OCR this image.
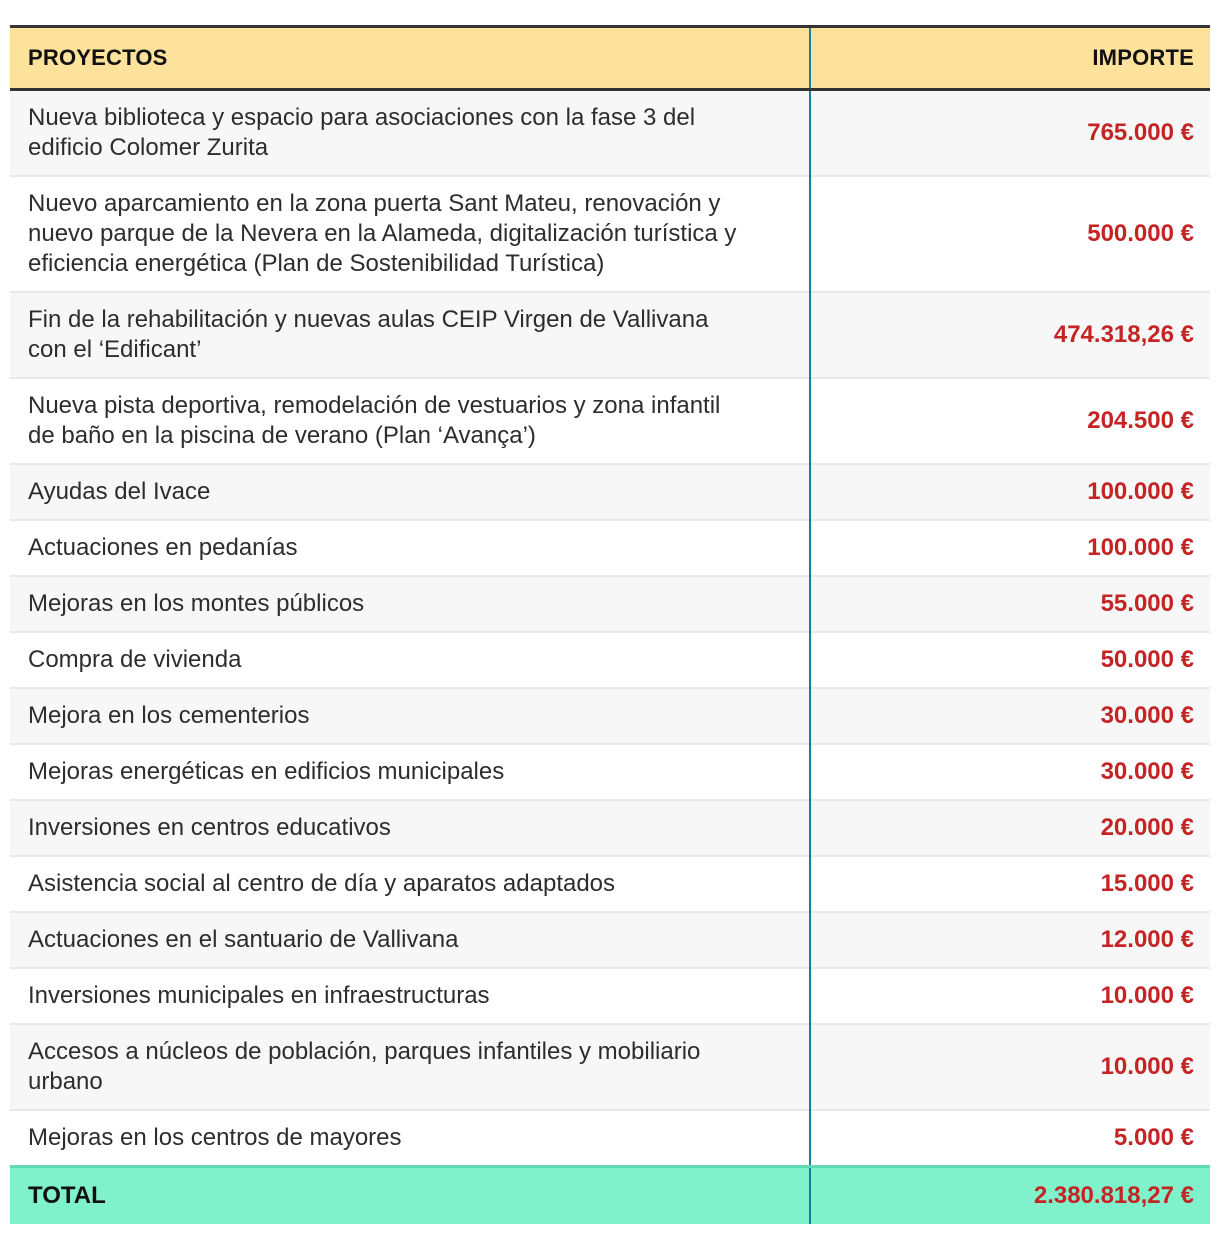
PROYECTOS	IMPORTE

Nueva biblioteca y espacio para asociaciones con la fase 3 del edificio Colomer Zurita	765.000 €

Nuevo aparcamiento en la zona puerta Sant Mateu, renovación y nuevo parque de la Nevera en la Alameda, digitalización turística y eficiencia energética (Plan de Sostenibilidad Turística)	500.000 €

Fin de la rehabilitación y nuevas aulas CEIP Virgen de Vallivana con el ‘Edificant’	474.318,26 €

Nueva pista deportiva, remodelación de vestuarios y zona infantil de baño en la piscina de verano (Plan ‘Avança’)	204.500 €

Ayudas del Ivace	100.000 €

Actuaciones en pedanías	100.000 €

Mejoras en los montes públicos	55.000 €

Compra de vivienda	50.000 €

Mejora en los cementerios	30.000 €

Mejoras energéticas en edificios municipales	30.000 €

Inversiones en centros educativos	20.000 €

Asistencia social al centro de día y aparatos adaptados	15.000 €

Actuaciones en el santuario de Vallivana	12.000 €

Inversiones municipales en infraestructuras	10.000 €

Accesos a núcleos de población, parques infantiles y mobiliario urbano	10.000 €

Mejoras en los centros de mayores	5.000 €
TOTAL	2.380.818,27 €
